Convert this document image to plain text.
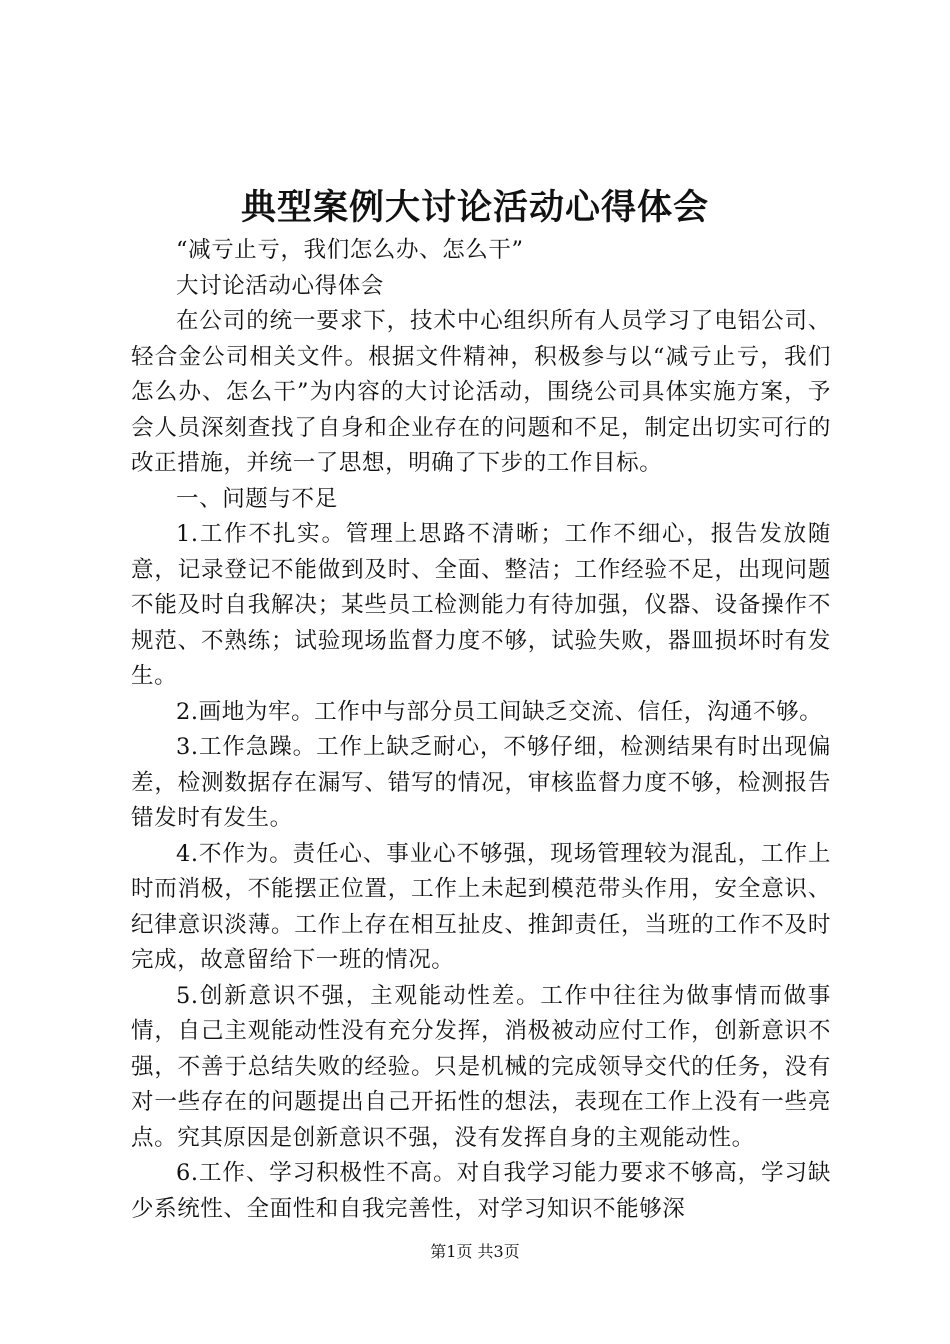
典型案例大讨论活动心得体会

“减亏止亏，我们怎么办、怎么干”

大讨论活动心得体会

在公司的统一要求下，技术中心组织所有人员学习了电铝公司、轻合金公司相关文件。根据文件精神，积极参与以“减亏止亏，我们怎么办、怎么干”为内容的大讨论活动，围绕公司具体实施方案，予会人员深刻查找了自身和企业存在的问题和不足，制定出切实可行的改正措施，并统一了思想，明确了下步的工作目标。

一、问题与不足

1.工作不扎实。管理上思路不清晰；工作不细心，报告发放随意，记录登记不能做到及时、全面、整洁；工作经验不足，出现问题不能及时自我解决；某些员工检测能力有待加强，仪器、设备操作不规范、不熟练；试验现场监督力度不够，试验失败，器皿损坏时有发生。

2.画地为牢。工作中与部分员工间缺乏交流、信任，沟通不够。

3.工作急躁。工作上缺乏耐心，不够仔细，检测结果有时出现偏差，检测数据存在漏写、错写的情况，审核监督力度不够，检测报告错发时有发生。

4.不作为。责任心、事业心不够强，现场管理较为混乱，工作上时而消极，不能摆正位置，工作上未起到模范带头作用，安全意识、纪律意识淡薄。工作上存在相互扯皮、推卸责任，当班的工作不及时完成，故意留给下一班的情况。

5.创新意识不强，主观能动性差。工作中往往为做事情而做事情，自己主观能动性没有充分发挥，消极被动应付工作，创新意识不强，不善于总结失败的经验。只是机械的完成领导交代的任务，没有对一些存在的问题提出自己开拓性的想法，表现在工作上没有一些亮点。究其原因是创新意识不强，没有发挥自身的主观能动性。

6.工作、学习积极性不高。对自我学习能力要求不够高，学习缺少系统性、全面性和自我完善性，对学习知识不能够深

第1页 共3页
